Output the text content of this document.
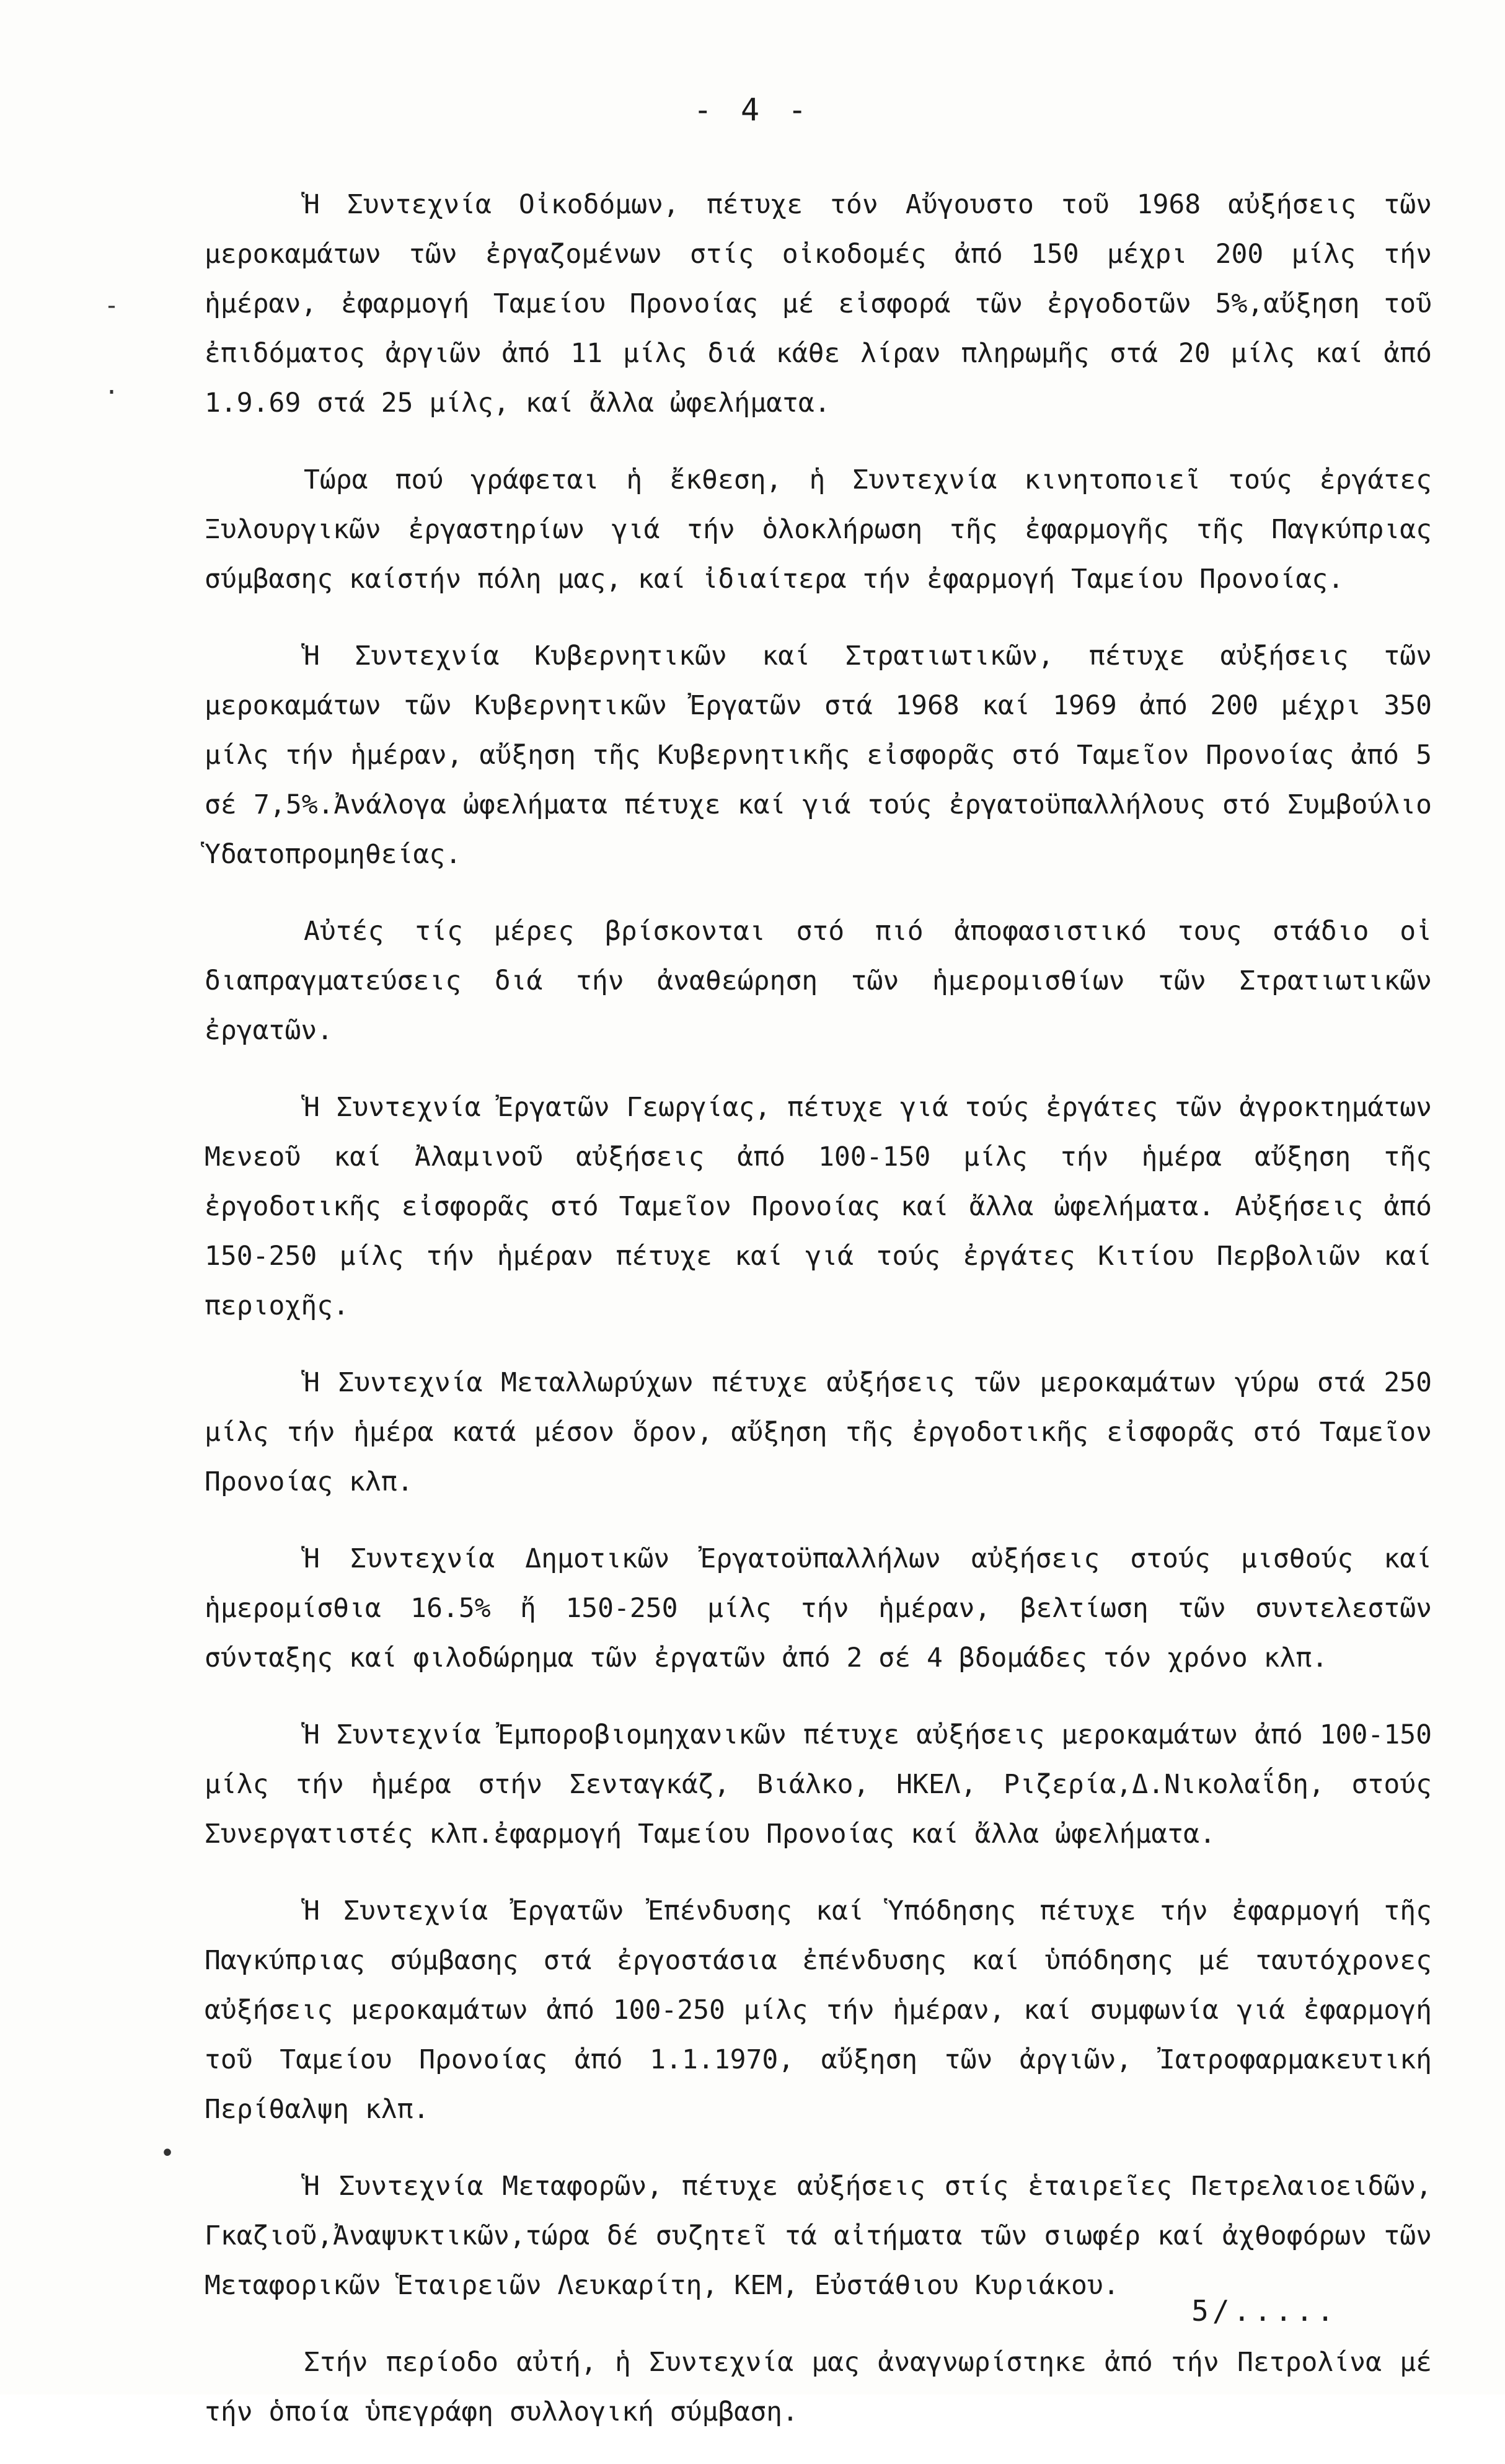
- 4 -

Ἡ Συντεχνία Οἰκοδόμων, πέτυχε τόν Αὔγουστο τοῦ 1968 αὐξήσεις τῶν μεροκαμάτων τῶν ἐργαζομένων στίς οἰκοδομές ἀπό 150 μέχρι 200 μίλς τήν ἡμέραν, ἐφαρμογή Ταμείου Προνοίας μέ εἰσφορά τῶν ἐργοδοτῶν 5%,αὔξηση τοῦ ἐπιδόματος ἀργιῶν ἀπό 11 μίλς διά κάθε λίραν πληρωμῆς στά 20 μίλς καί ἀπό 1.9.69 στά 25 μίλς, καί ἄλλα ὠφελήματα.

Τώρα πού γράφεται ἡ ἔκθεση, ἡ Συντεχνία κινητοποιεῖ τούς ἐργάτες Ξυλουργικῶν ἐργαστηρίων γιά τήν ὁλοκλήρωση τῆς ἐφαρμογῆς τῆς Παγκύπριας σύμβασης καίστήν πόλη μας, καί ἰδιαίτερα τήν ἐφαρμογή Ταμείου Προνοίας.

Ἡ Συντεχνία Κυβερνητικῶν καί Στρατιωτικῶν, πέτυχε αὐξήσεις τῶν μεροκαμάτων τῶν Κυβερνητικῶν Ἐργατῶν στά 1968 καί 1969 ἀπό 200 μέχρι 350 μίλς τήν ἡμέραν, αὔξηση τῆς Κυβερνητικῆς εἰσφορᾶς στό Ταμεῖον Προνοίας ἀπό 5 σέ 7,5%.Ἀνάλογα ὠφελήματα πέτυχε καί γιά τούς ἐργατοϋπαλλήλους στό Συμβούλιο Ὑδατοπρομηθείας.

Αὐτές τίς μέρες βρίσκονται στό πιό ἀποφασιστικό τους στάδιο οἱ διαπραγματεύσεις διά τήν ἀναθεώρηση τῶν ἡμερομισθίων τῶν Στρατιωτικῶν ἐργατῶν.

Ἡ Συντεχνία Ἐργατῶν Γεωργίας, πέτυχε γιά τούς ἐργάτες τῶν ἀγροκτημάτων Μενεοῦ καί Ἀλαμινοῦ αὐξήσεις ἀπό 100-150 μίλς τήν ἡμέρα αὔξηση τῆς ἐργοδοτικῆς εἰσφορᾶς στό Ταμεῖον Προνοίας καί ἄλλα ὠφελήματα. Αὐξήσεις ἀπό 150-250 μίλς τήν ἡμέραν πέτυχε καί γιά τούς ἐργάτες Κιτίου Περβολιῶν καί περιοχῆς.

Ἡ Συντεχνία Μεταλλωρύχων πέτυχε αὐξήσεις τῶν μεροκαμάτων γύρω στά 250 μίλς τήν ἡμέρα κατά μέσον ὅρον, αὔξηση τῆς ἐργοδοτικῆς εἰσφορᾶς στό Ταμεῖον Προνοίας κλπ.

Ἡ Συντεχνία Δημοτικῶν Ἐργατοϋπαλλήλων αὐξήσεις στούς μισθούς καί ἡμερομίσθια 16.5% ἤ 150-250 μίλς τήν ἡμέραν, βελτίωση τῶν συντελεστῶν σύνταξης καί φιλοδώρημα τῶν ἐργατῶν ἀπό 2 σέ 4 βδομάδες τόν χρόνο κλπ.

Ἡ Συντεχνία Ἐμποροβιομηχανικῶν πέτυχε αὐξήσεις μεροκαμάτων ἀπό 100-150 μίλς τήν ἡμέρα στήν Σενταγκάζ, Βιάλκο, ΗΚΕΛ, Ριζερία,Δ.Νικολαΐδη, στούς Συνεργατιστές κλπ.ἐφαρμογή Ταμείου Προνοίας καί ἄλλα ὠφελήματα.

Ἡ Συντεχνία Ἐργατῶν Ἐπένδυσης καί Ὑπόδησης πέτυχε τήν ἐφαρμογή τῆς Παγκύπριας σύμβασης στά ἐργοστάσια ἐπένδυσης καί ὑπόδησης μέ ταυτόχρονες αὐξήσεις μεροκαμάτων ἀπό 100-250 μίλς τήν ἡμέραν, καί συμφωνία γιά ἐφαρμογή τοῦ Ταμείου Προνοίας ἀπό 1.1.1970, αὔξηση τῶν ἀργιῶν, Ἰατροφαρμακευτική Περίθαλψη κλπ.

Ἡ Συντεχνία Μεταφορῶν, πέτυχε αὐξήσεις στίς ἑταιρεῖες Πετρελαιοειδῶν, Γκαζιοῦ,Ἀναψυκτικῶν,τώρα δέ συζητεῖ τά αἰτήματα τῶν σιωφέρ καί ἀχθοφόρων τῶν Μεταφορικῶν Ἑταιρειῶν Λευκαρίτη, ΚΕΜ, Εὐστάθιου Κυριάκου.

Στήν περίοδο αὐτή, ἡ Συντεχνία μας ἀναγνωρίστηκε ἀπό τήν Πετρολίνα μέ τήν ὁποία ὑπεγράφη συλλογική σύμβαση.

-
·
•
5/.....
